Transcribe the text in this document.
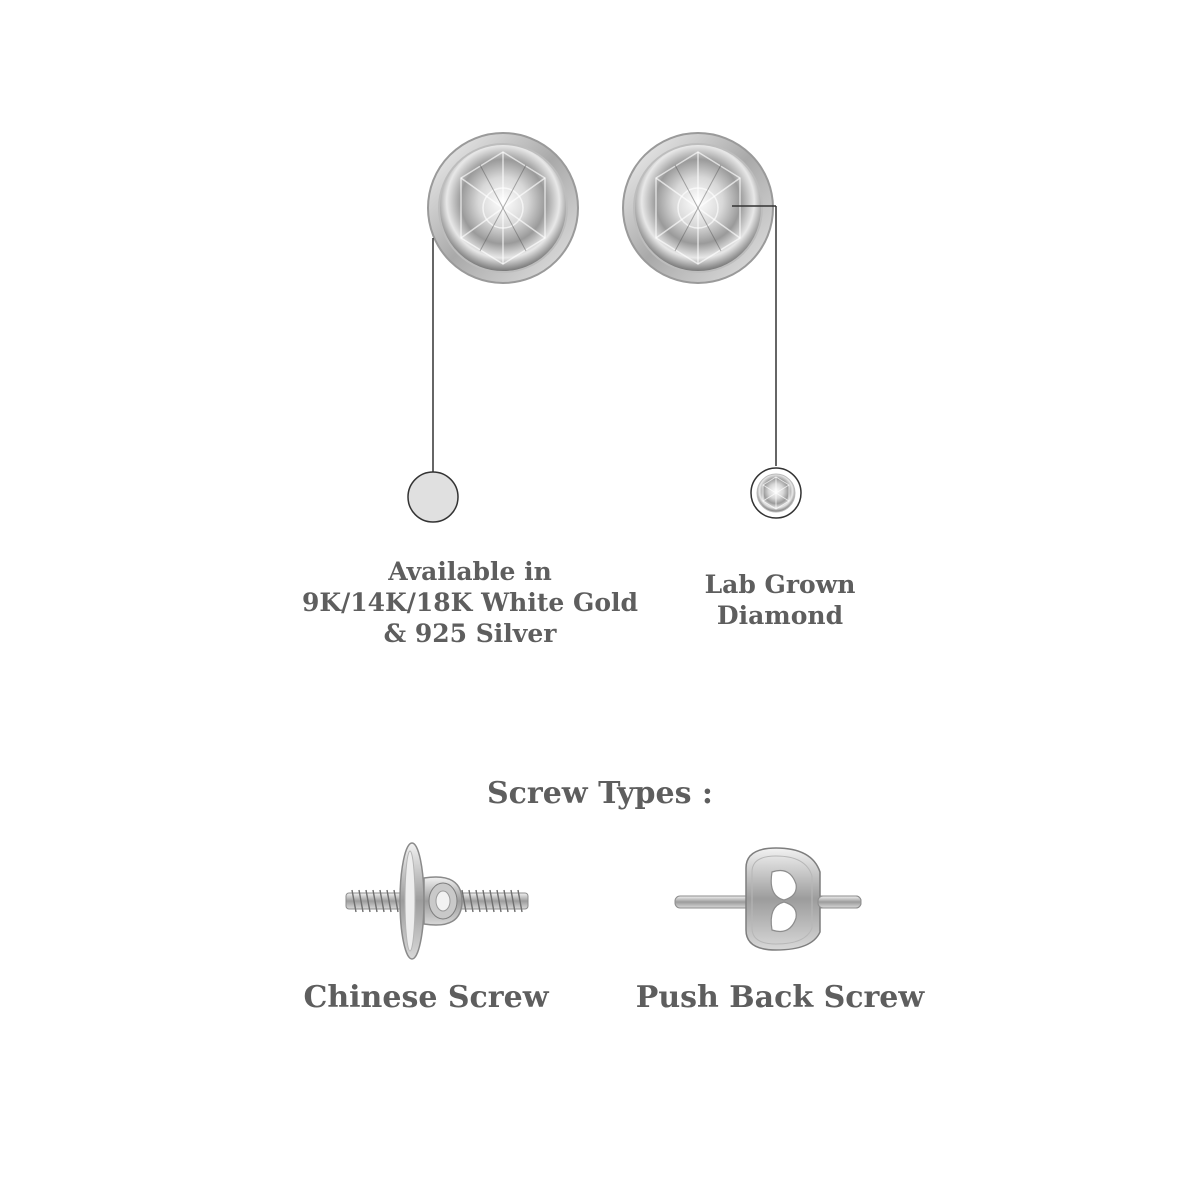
Available in
9K/14K/18K White Gold
& 925 Silver
Lab Grown
Diamond
Screw Types :
Chinese Screw	Push Back Screw
